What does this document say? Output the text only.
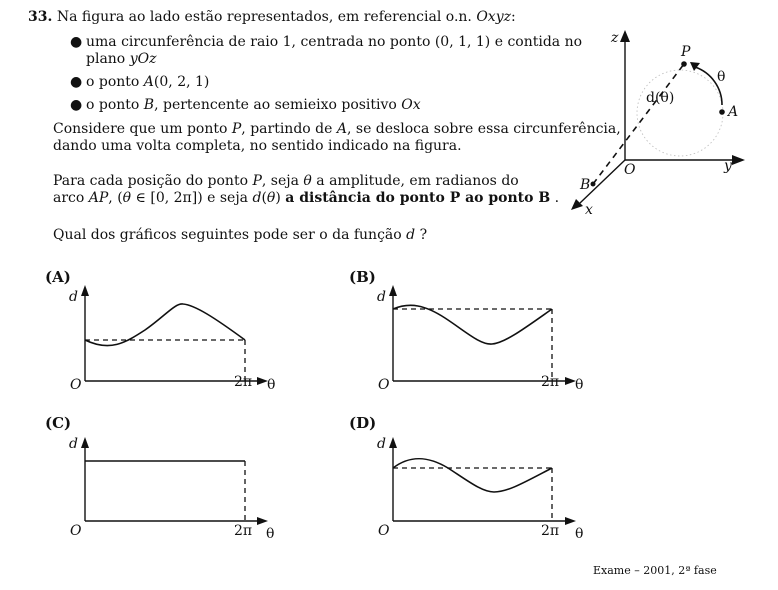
33. Na figura ao lado estão representados, em referencial o.n. Oxyz:
● uma circunferência de raio 1, centrada no ponto (0, 1, 1) e contida no
plano yOz
● o ponto A(0, 2, 1)
● o ponto B, pertencente ao semieixo positivo Ox
Considere que um ponto P, partindo de A, se desloca sobre essa circunferência,
dando uma volta completa, no sentido indicado na figura.
Para cada posição do ponto P, seja θ a amplitude, em radianos do
arco AP, (θ ∈ [0, 2π]) e seja d(θ) a distância do ponto P ao ponto B .
Qual dos gráficos seguintes pode ser o da função d ?
z
y
x
O
P
A
B
θ
d(θ)
(A)	(B)
(C)	(D)
d
O	2π θ
d
O	2π θ
d
O	2π θ
d
O	2π θ
Exame – 2001, 2ª fase
